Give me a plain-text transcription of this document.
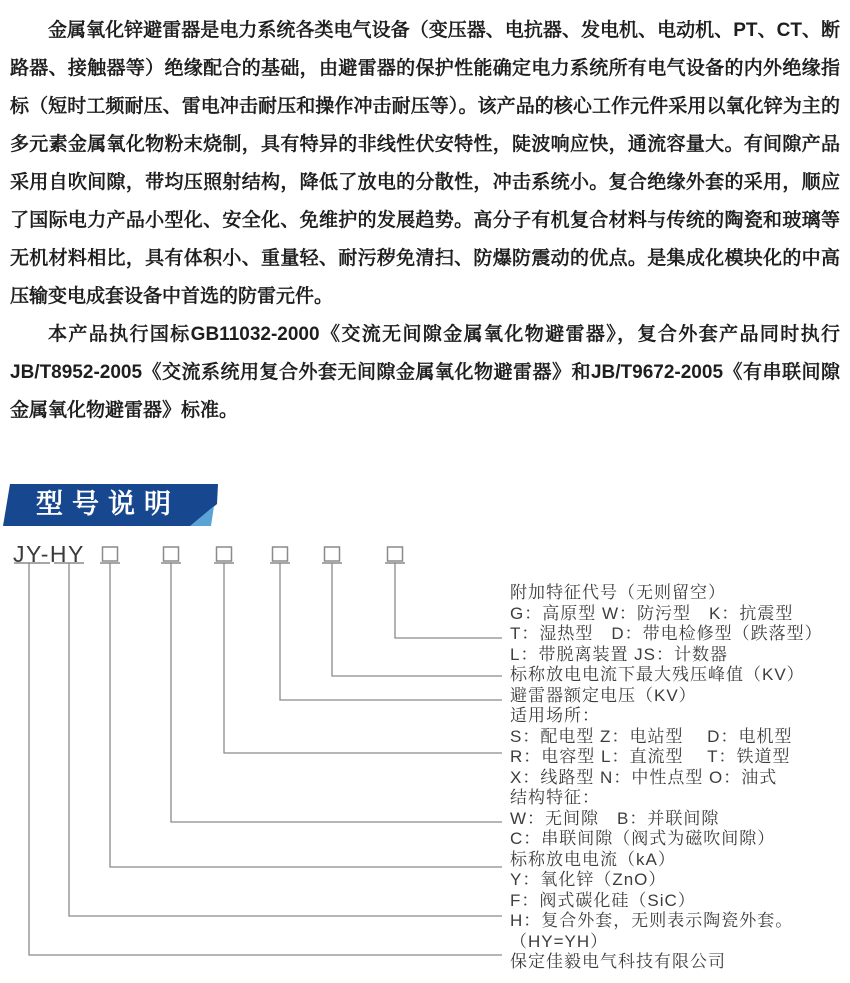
金属氧化锌避雷器是电力系统各类电气设备（变压器、电抗器、发电机、电动机、PT、CT、断路器、接触器等）绝缘配合的基础，由避雷器的保护性能确定电力系统所有电气设备的内外绝缘指标（短时工频耐压、雷电冲击耐压和操作冲击耐压等）。该产品的核心工作元件采用以氧化锌为主的多元素金属氧化物粉末烧制，具有特异的非线性伏安特性，陡波响应快，通流容量大。有间隙产品采用自吹间隙，带均压照射结构，降低了放电的分散性，冲击系统小。复合绝缘外套的采用，顺应了国际电力产品小型化、安全化、免维护的发展趋势。高分子有机复合材料与传统的陶瓷和玻璃等无机材料相比，具有体积小、重量轻、耐污秽免清扫、防爆防震动的优点。是集成化模块化的中高压输变电成套设备中首选的防雷元件。

本产品执行国标GB11032-2000《交流无间隙金属氧化物避雷器》，复合外套产品同时执行JB/T8952-2005《交流系统用复合外套无间隙金属氧化物避雷器》和JB/T9672-2005《有串联间隙金属氧化物避雷器》标准。

型号说明
JY-HY
附加特征代号（无则留空）
G：高原型 W：防污型　K：抗震型
T：湿热型　D：带电检修型（跌落型）
L：带脱离装置 JS：计数器
标称放电电流下最大残压峰值（KV）
避雷器额定电压（KV）
适用场所：
S：配电型 Z：电站型　 D：电机型
R：电容型 L：直流型　 T：铁道型
X：线路型 N：中性点型 O：油式
结构特征：
W：无间隙　B：并联间隙
C：串联间隙（阀式为磁吹间隙）
标称放电电流（kA）
Y：氧化锌（ZnO）
F：阀式碳化硅（SiC）
H：复合外套，无则表示陶瓷外套。
（HY=YH）
保定佳毅电气科技有限公司
